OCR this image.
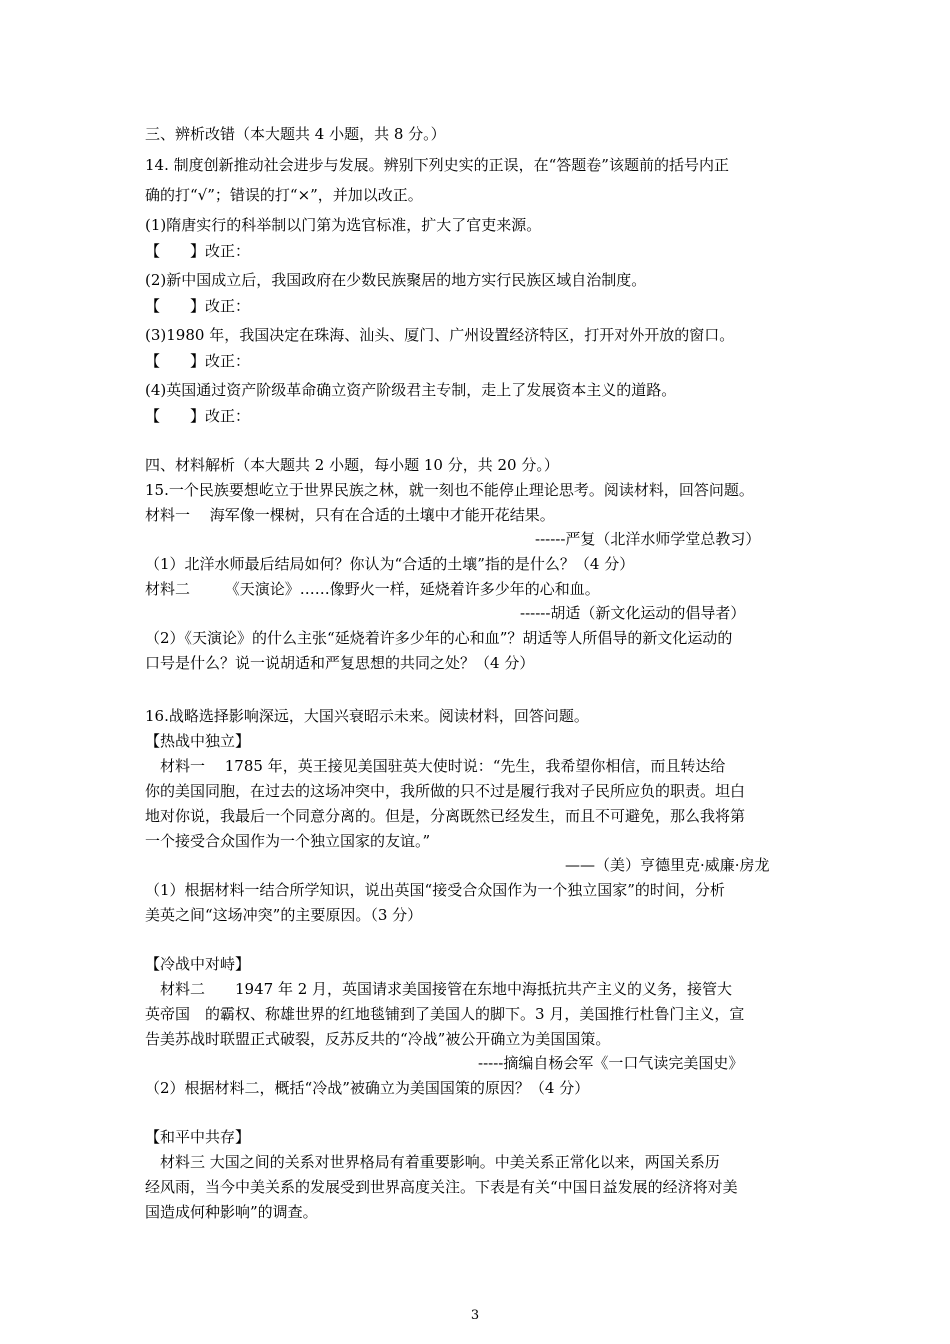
三、辨析改错（本大题共 4 小题，共 8 分。）
14. 制度创新推动社会进步与发展。辨别下列史实的正误，在“答题卷”该题前的括号内正
确的打“√”；错误的打“×”，并加以改正。
(1)隋唐实行的科举制以门第为选官标准，扩大了官吏来源。
【　　】改正：
(2)新中国成立后，我国政府在少数民族聚居的地方实行民族区域自治制度。
【　　】改正：
(3)1980 年，我国决定在珠海、汕头、厦门、广州设置经济特区，打开对外开放的窗口。
【　　】改正：
(4)英国通过资产阶级革命确立资产阶级君主专制，走上了发展资本主义的道路。
【　　】改正：
四、材料解析（本大题共 2 小题，每小题 10 分，共 20 分。）
15.一个民族要想屹立于世界民族之林，就一刻也不能停止理论思考。阅读材料，回答问题。
材料一　 海军像一棵树，只有在合适的土壤中才能开花结果。
------严复（北洋水师学堂总教习）
（1）北洋水师最后结局如何？你认为“合适的土壤”指的是什么？（4 分）
材料二　　 《天演论》……像野火一样，延烧着许多少年的心和血。
------胡适（新文化运动的倡导者）
（2）《天演论》的什么主张“延烧着许多少年的心和血”？胡适等人所倡导的新文化运动的
口号是什么？说一说胡适和严复思想的共同之处？（4 分）
16.战略选择影响深远，大国兴衰昭示未来。阅读材料，回答问题。
【热战中独立】
　材料一　 1785 年，英王接见美国驻英大使时说：“先生，我希望你相信，而且转达给
你的美国同胞，在过去的这场冲突中，我所做的只不过是履行我对子民所应负的职责。坦白
地对你说，我最后一个同意分离的。但是，分离既然已经发生，而且不可避免，那么我将第
一个接受合众国作为一个独立国家的友谊。”
——（美）亨德里克·威廉·房龙
（1）根据材料一结合所学知识，说出英国“接受合众国作为一个独立国家”的时间，分析
美英之间“这场冲突”的主要原因。（3 分）
【冷战中对峙】
　材料二　　1947 年 2 月，英国请求美国接管在东地中海抵抗共产主义的义务，接管大
英帝国　的霸权、称雄世界的红地毯铺到了美国人的脚下。3 月，美国推行杜鲁门主义，宣
告美苏战时联盟正式破裂，反苏反共的“冷战”被公开确立为美国国策。
-----摘编自杨会军《一口气读完美国史》
（2）根据材料二，概括“冷战”被确立为美国国策的原因？（4 分）
【和平中共存】
　材料三 大国之间的关系对世界格局有着重要影响。中美关系正常化以来，两国关系历
经风雨，当今中美关系的发展受到世界高度关注。下表是有关“中国日益发展的经济将对美
国造成何种影响”的调查。
3
